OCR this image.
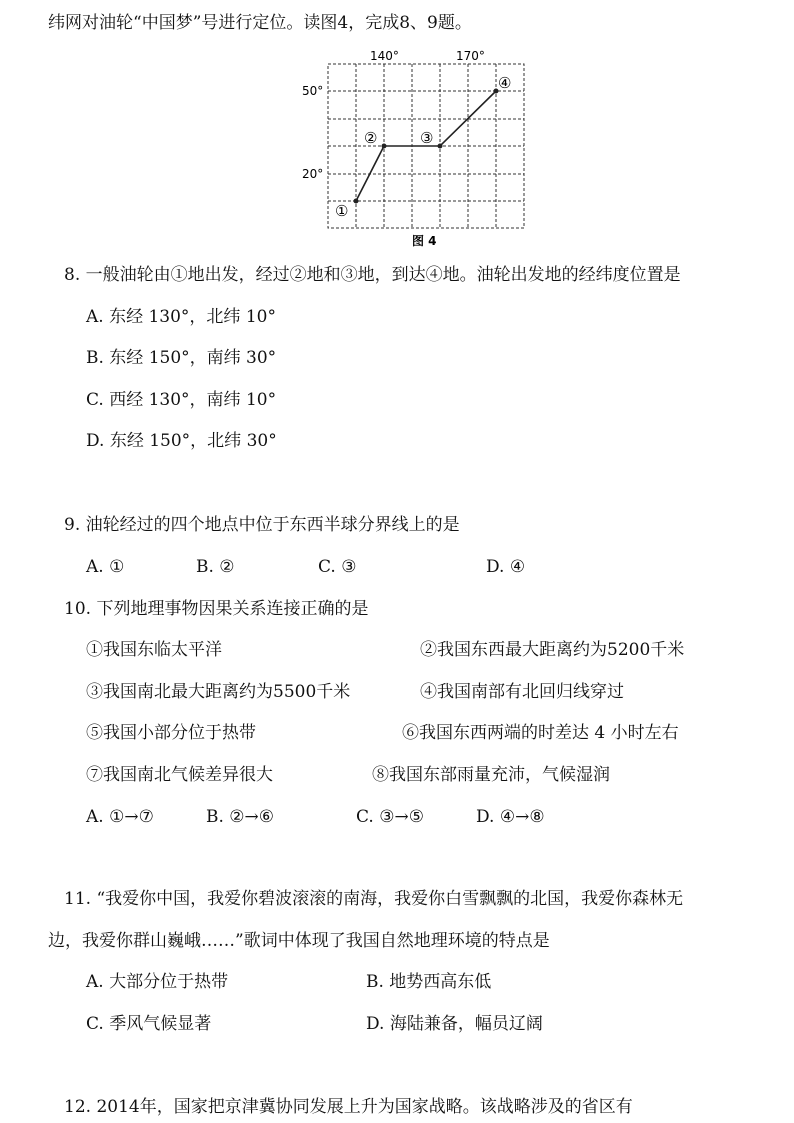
纬网对油轮“中国梦”号进行定位。读图4，完成8、9题。
①
②	③
④
140°	170°
50°
20°
图 4
8. 一般油轮由①地出发，经过②地和③地，到达④地。油轮出发地的经纬度位置是
A. 东经 130°，北纬 10°
B. 东经 150°，南纬 30°
C. 西经 130°，南纬 10°
D. 东经 150°，北纬 30°
9. 油轮经过的四个地点中位于东西半球分界线上的是
A. ①	B. ②	C. ③	D. ④
10. 下列地理事物因果关系连接正确的是
①我国东临太平洋	②我国东西最大距离约为5200千米
③我国南北最大距离约为5500千米	④我国南部有北回归线穿过
⑤我国小部分位于热带	⑥我国东西两端的时差达 4 小时左右
⑦我国南北气候差异很大	⑧我国东部雨量充沛，气候湿润
A. ①→⑦	B. ②→⑥	C. ③→⑤	D. ④→⑧
11. “我爱你中国，我爱你碧波滚滚的南海，我爱你白雪飘飘的北国，我爱你森林无
边，我爱你群山巍峨……”歌词中体现了我国自然地理环境的特点是
A. 大部分位于热带	B. 地势西高东低
C. 季风气候显著	D. 海陆兼备，幅员辽阔
12. 2014年，国家把京津冀协同发展上升为国家战略。该战略涉及的省区有
